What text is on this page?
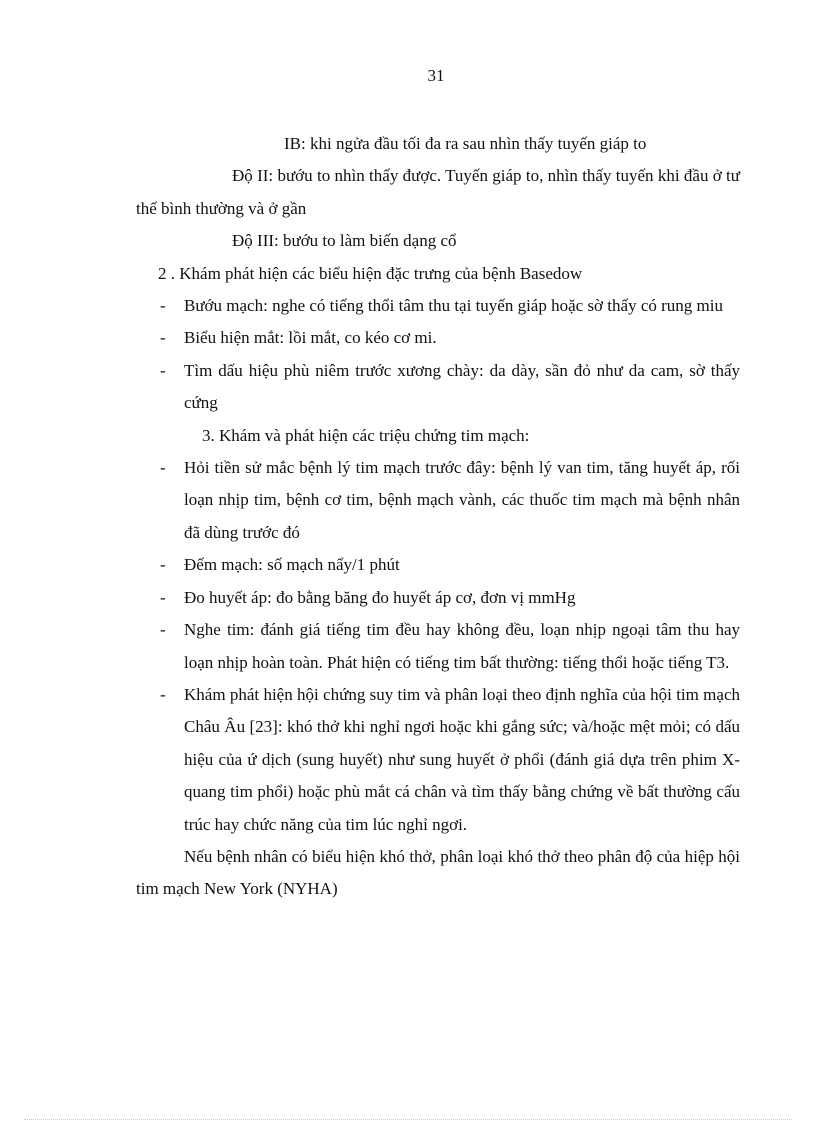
31

IB: khi ngửa đầu tối đa ra sau nhìn thấy tuyến giáp to

Độ II: bướu to nhìn thấy được. Tuyến giáp to, nhìn thấy tuyến khi đầu ở tư thế bình thường và ở gần

Độ III: bướu to làm biến dạng cổ

2 . Khám phát hiện các biểu hiện đặc trưng của bệnh Basedow

- Bướu mạch: nghe có tiếng thổi tâm thu tại tuyến giáp hoặc sờ thấy có rung miu
- Biểu hiện mắt: lồi mắt, co kéo cơ mi.
- Tìm dấu hiệu phù niêm trước xương chày: da dày, sần đỏ như da cam, sờ thấy cứng

3. Khám và phát hiện các triệu chứng tim mạch:

- Hỏi tiền sử mắc bệnh lý tim mạch trước đây: bệnh lý van tim, tăng huyết áp, rối loạn nhịp tim, bệnh cơ tim, bệnh mạch vành, các thuốc tim mạch mà bệnh nhân đã dùng trước đó
- Đếm mạch: số mạch nẩy/1 phút
- Đo huyết áp: đo bằng băng đo huyết áp cơ, đơn vị mmHg
- Nghe tim: đánh giá tiếng tim đều hay không đều, loạn nhịp ngoại tâm thu hay loạn nhịp hoàn toàn. Phát hiện có tiếng tim bất thường: tiếng thổi hoặc tiếng T3.
- Khám phát hiện hội chứng suy tim và phân loại theo định nghĩa của hội tim mạch Châu Âu [23]: khó thở khi nghỉ ngơi hoặc khi gắng sức; và/hoặc mệt mỏi; có dấu hiệu của ứ dịch (sung huyết) như sung huyết ở phổi (đánh giá dựa trên phim X-quang tim phổi) hoặc phù mắt cá chân và tìm thấy bằng chứng về bất thường cấu trúc hay chức năng của tim lúc nghỉ ngơi.

Nếu bệnh nhân có biểu hiện khó thở, phân loại khó thở theo phân độ của hiệp hội tim mạch New York (NYHA)
